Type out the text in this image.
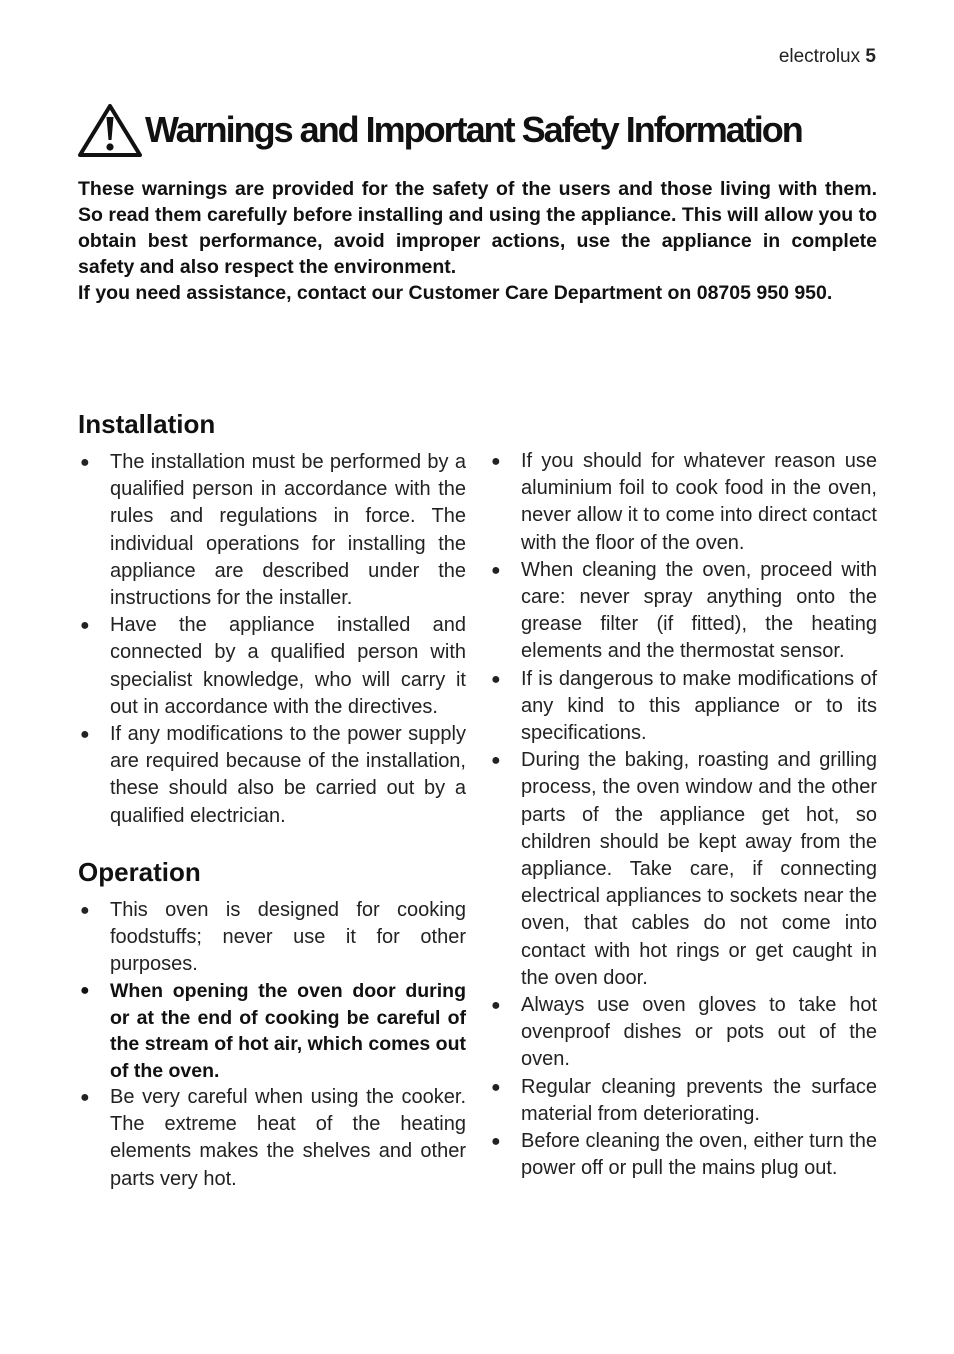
electrolux 5
Warnings and Important Safety Information

These warnings are provided for the safety of the users and those living with them. So read them carefully before installing and using the appliance. This will allow you to obtain best performance, avoid improper actions, use the appliance in complete safety and also respect the environment.

If you need assistance, contact our Customer Care Department on 08705 950 950.

Installation
● The installation must be performed by a qualified person in accordance with the rules and regulations in force. The individual operations for installing the appliance are described under the instructions for the installer.
● Have the appliance installed and connected by a qualified person with specialist knowledge, who will carry it out in accordance with the directives.
● If any modifications to the power supply are required because of the installation, these should also be carried out by a qualified electrician.
Operation
● This oven is designed for cooking foodstuffs; never use it for other purposes.
● When opening the oven door during or at the end of cooking be careful of the stream of hot air, which comes out of the oven.
● Be very careful when using the cooker. The extreme heat of the heating elements makes the shelves and other parts very hot.
● If you should for whatever reason use aluminium foil to cook food in the oven, never allow it to come into direct contact with the floor of the oven.
● When cleaning the oven, proceed with care: never spray anything onto the grease filter (if fitted), the heating elements and the thermostat sensor.
● If is dangerous to make modifications of any kind to this appliance or to its specifications.
● During the baking, roasting and grilling process, the oven window and the other parts of the appliance get hot, so children should be kept away from the appliance. Take care, if connecting electrical appliances to sockets near the oven, that cables do not come into contact with hot rings or get caught in the oven door.
● Always use oven gloves to take hot ovenproof dishes or pots out of the oven.
● Regular cleaning prevents the surface material from deteriorating.
● Before cleaning the oven, either turn the power off or pull the mains plug out.
